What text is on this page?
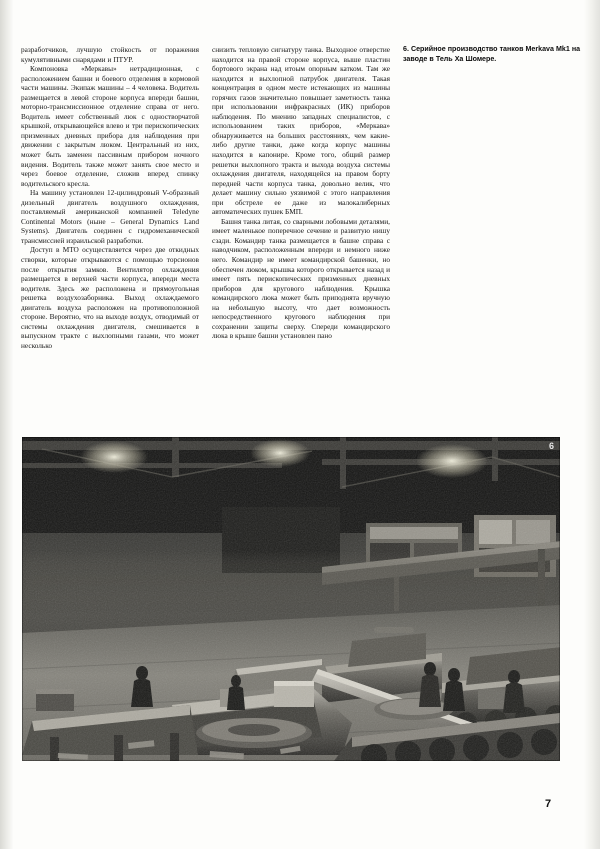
разработчиков, лучшую стойкость от поражения кумулятивными снарядами и ПТУР.

Компоновка «Меркавы» нетрадиционная, с расположением башни и боевого отделения в кормовой части машины. Экипаж машины – 4 человека. Водитель размещается в левой стороне корпуса впереди башни, моторно-трансмиссионное отделение справа от него. Водитель имеет собственный люк с одностворчатой крышкой, открывающейся влево и три перископических призменных дневных прибора для наблюдения при движении с закрытым люком. Центральный из них, может быть заменен пассивным прибором ночного видения. Водитель также может занять свое место и через боевое отделение, сложив вперед спинку водительского кресла.

На машину установлен 12-цилиндровый V-образный дизельный двигатель воздушного охлаждения, поставляемый американской компанией Teledyne Continental Motors (ныне – General Dynamics Land Systems). Двигатель соединен с гидромеханической трансмиссией израильской разработки.

Доступ в МТО осуществляется через две откидных створки, которые открываются с помощью торсионов после открытия замков. Вентилятор охлаждения размещается в верхней части корпуса, впереди места водителя. Здесь же расположена и прямоугольная решетка воздухозаборника. Выход охлаждаемого двигатель воздуха расположен на противоположной стороне. Вероятно, что на выходе воздух, отводимый от системы охлаждения двигателя, смешивается в выпускном тракте с выхлопными газами, что может несколько

снизить тепловую сигнатуру танка. Выходное отверстие находится на правой стороне корпуса, выше пластин бортового экрана над итоым опорным катком. Там же находится и выхлопной патрубок двигателя. Такая концентрация в одном месте истекающих из машины горячих газов значительно повышает заметность танка при использовании инфракрасных (ИК) приборов наблюдения. По мнению западных специалистов, с использованием таких приборов, «Меркава» обнаруживается на больших расстояниях, чем какие-либо другие танки, даже когда корпус машины находится в капонире. Кроме того, общий размер решетки выхлопного тракта и выхода воздуха системы охлаждения двигателя, находящейся на правом борту передней части корпуса танка, довольно велик, что делает машину сильно уязвимой с этого направления при обстреле ее даже из малокалиберных автоматических пушек БМП.

Башня танка литая, со сварными лобовыми деталями, имеет маленькое поперечное сечение и развитую нишу сзади. Командир танка размещается в башне справа с наводчиком, расположенным впереди и немного ниже него. Командир не имеет командирской башенки, но обеспечен люком, крышка которого открывается назад и имеет пять перископических призменных дневных приборов для кругового наблюдения. Крышка командирского люка может быть приподнята вручную на небольшую высоту, что дает возможность непосредственного кругового наблюдения при сохранении защиты сверху. Спереди командирского люка в крыше башни установлен пано

6. Серийное производство танков Merkava Mk1 на заводе в Тель Ха Шомере.

6
7
